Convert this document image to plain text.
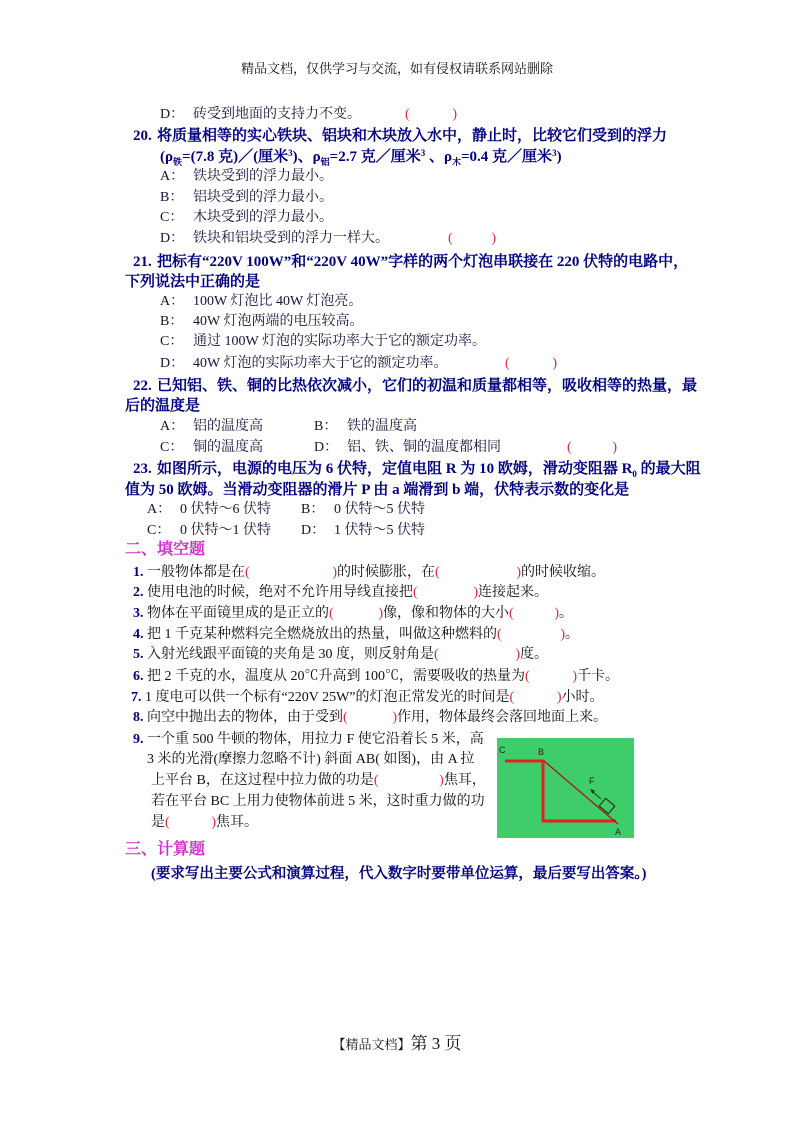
精品文档，仅供学习与交流，如有侵权请联系网站删除
D： 砖受到地面的支持力不变。	(	)
20. 将质量相等的实心铁块、铝块和木块放入水中，静止时，比较它们受到的浮力
($\rho_铁=(7.8$ 克)／(厘米$^3$)、$\rho_铝=2.7$ 克／厘米$^3$ 、$\rho_木=0.4$ 克／厘米$^3$)
A： 铁块受到的浮力最小。
B： 铝块受到的浮力最小。
C： 木块受到的浮力最小。
D： 铁块和铝块受到的浮力一样大。	(	)
21. 把标有“220V 100W”和“220V 40W”字样的两个灯泡串联接在 220 伏特的电路中，
下列说法中正确的是
A： 100W 灯泡比 40W 灯泡亮。
B： 40W 灯泡两端的电压较高。
C： 通过 100W 灯泡的实际功率大于它的额定功率。
D： 40W 灯泡的实际功率大于它的额定功率。	(	)
22. 已知铝、铁、铜的比热依次减小，它们的初温和质量都相等，吸收相等的热量，最
后的温度是
A： 铝的温度高	B： 铁的温度高
C： 铜的温度高	D： 铝、铁、铜的温度都相同	(	)
23. 如图所示，电源的电压为 6 伏特，定值电阻 R 为 10 欧姆，滑动变阻器 $R_0$ 的最大阻
值为 50 欧姆。当滑动变阻器的滑片 P 由 a 端滑到 b 端，伏特表示数的变化是
A： 0 伏特～6 伏特 B： 0 伏特～5 伏特
C： 0 伏特～1 伏特 D： 1 伏特～5 伏特
二、填空题
1. 一般物体都是在 (	) 的时候膨胀，在 (	) 的时候收缩。
2. 使用电池的时候，绝对不允许用导线直接把 (	) 连接起来。
3. 物体在平面镜里成的是正立的 (	) 像，像和物体的大小 (	) 。
4. 把 1 千克某种燃料完全燃烧放出的热量，叫做这种燃料的 (	) 。
5. 入射光线跟平面镜的夹角是 30 度，则反射角是 (	) 度。
6. 把 2 千克的水，温度从 20℃升高到 100℃，需要吸收的热量为 (	) 千卡。
7. 1 度电可以供一个标有“220V 25W”的灯泡正常发光的时间是 (	) 小时。
8. 向空中抛出去的物体，由于受到 (	) 作用，物体最终会落回地面上来。
9. 一个重 500 牛顿的物体，用拉力 F 使它沿着长 5 米，高
3 米的光滑(摩擦力忽略不计) 斜面 AB( 如图)，由 A 拉
上平台 B，在这过程中拉力做的功是 (	) 焦耳，
若在平台 BC 上用力使物体前进 5 米，这时重力做的功
是 (	) 焦耳。
C	B
F
A
三、计算题
(要求写出主要公式和演算过程，代入数字时要带单位运算，最后要写出答案。)
【精品文档】第 3 页
